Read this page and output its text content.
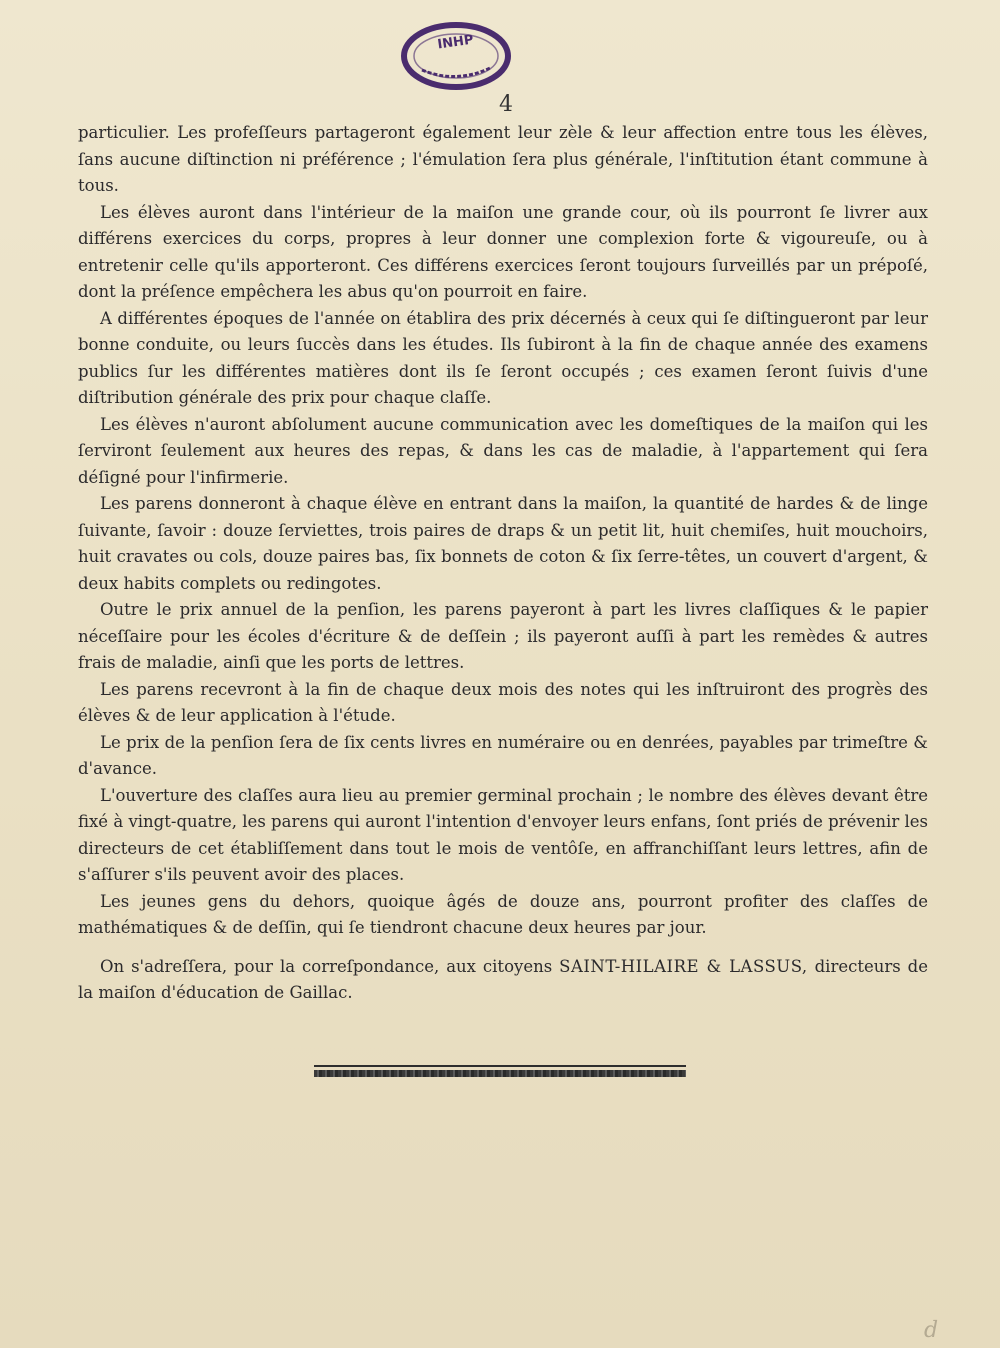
INHP
4

particulier. Les profeſſeurs partageront également leur zèle & leur affection entre tous les élèves, ſans aucune diſtinction ni préférence ; l'émulation ſera plus générale, l'inſtitution étant commune à tous.

Les élèves auront dans l'intérieur de la maiſon une grande cour, où ils pourront ſe livrer aux différens exercices du corps, propres à leur donner une complexion forte & vigoureuſe, ou à entretenir celle qu'ils apporteront. Ces différens exercices ſeront toujours ſurveillés par un prépoſé, dont la préſence empêchera les abus qu'on pourroit en faire.

A différentes époques de l'année on établira des prix décernés à ceux qui ſe diſtingueront par leur bonne conduite, ou leurs ſuccès dans les études. Ils ſubiront à la fin de chaque année des examens publics ſur les différentes matières dont ils ſe ſeront occupés ; ces examen ſeront ſuivis d'une diſtribution générale des prix pour chaque claſſe.

Les élèves n'auront abſolument aucune communication avec les domeſtiques de la maiſon qui les ſerviront ſeulement aux heures des repas, & dans les cas de maladie, à l'appartement qui ſera déſigné pour l'infirmerie.

Les parens donneront à chaque élève en entrant dans la maiſon, la quantité de hardes & de linge ſuivante, ſavoir : douze ſerviettes, trois paires de draps & un petit lit, huit chemiſes, huit mouchoirs, huit cravates ou cols, douze paires bas, ſix bonnets de coton & ſix ſerre-têtes, un couvert d'argent, & deux habits complets ou redingotes.

Outre le prix annuel de la penſion, les parens payeront à part les livres claſſiques & le papier néceſſaire pour les écoles d'écriture & de deſſein ; ils payeront auſſi à part les remèdes & autres frais de maladie, ainſi que les ports de lettres.

Les parens recevront à la fin de chaque deux mois des notes qui les inſtruiront des progrès des élèves & de leur application à l'étude.

Le prix de la penſion ſera de ſix cents livres en numéraire ou en denrées, payables par trimeſtre & d'avance.

L'ouverture des claſſes aura lieu au premier germinal prochain ; le nombre des élèves devant être fixé à vingt-quatre, les parens qui auront l'intention d'envoyer leurs enfans, ſont priés de prévenir les directeurs de cet établiſſement dans tout le mois de ventôſe, en affranchiſſant leurs lettres, afin de s'aſſurer s'ils peuvent avoir des places.

Les jeunes gens du dehors, quoique âgés de douze ans, pourront profiter des claſſes de mathématiques & de deſſin, qui ſe tiendront chacune deux heures par jour.

On s'adreſſera, pour la correſpondance, aux citoyens SAINT-HILAIRE & LASSUS, directeurs de la maiſon d'éducation de Gaillac.

d
